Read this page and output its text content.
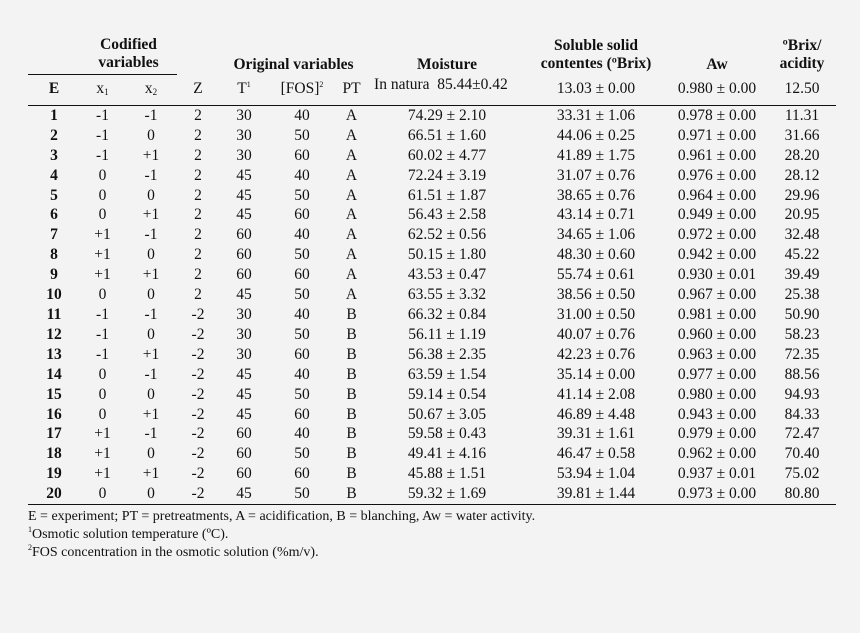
	Codified variables			Original variables			Moisture	Soluble solid contentes (ºBrix)	Aw	ºBrix/ acidity
E	$x_1$	$x_2$	Z	$T^1$	[FOS]$^2$	PT	In natura 85.44±0.42	13.03 ± 0.00	0.980 ± 0.00	12.50
1	-1	-1	2	30	40	A	74.29 ± 2.10	33.31 ± 1.06	0.978 ± 0.00	11.31
2	-1	0	2	30	50	A	66.51 ± 1.60	44.06 ± 0.25	0.971 ± 0.00	31.66
3	-1	+1	2	30	60	A	60.02 ± 4.77	41.89 ± 1.75	0.961 ± 0.00	28.20
4	0	-1	2	45	40	A	72.24 ± 3.19	31.07 ± 0.76	0.976 ± 0.00	28.12
5	0	0	2	45	50	A	61.51 ± 1.87	38.65 ± 0.76	0.964 ± 0.00	29.96
6	0	+1	2	45	60	A	56.43 ± 2.58	43.14 ± 0.71	0.949 ± 0.00	20.95
7	+1	-1	2	60	40	A	62.52 ± 0.56	34.65 ± 1.06	0.972 ± 0.00	32.48
8	+1	0	2	60	50	A	50.15 ± 1.80	48.30 ± 0.60	0.942 ± 0.00	45.22
9	+1	+1	2	60	60	A	43.53 ± 0.47	55.74 ± 0.61	0.930 ± 0.01	39.49
10	0	0	2	45	50	A	63.55 ± 3.32	38.56 ± 0.50	0.967 ± 0.00	25.38
11	-1	-1	-2	30	40	B	66.32 ± 0.84	31.00 ± 0.50	0.981 ± 0.00	50.90
12	-1	0	-2	30	50	B	56.11 ± 1.19	40.07 ± 0.76	0.960 ± 0.00	58.23
13	-1	+1	-2	30	60	B	56.38 ± 2.35	42.23 ± 0.76	0.963 ± 0.00	72.35
14	0	-1	-2	45	40	B	63.59 ± 1.54	35.14 ± 0.00	0.977 ± 0.00	88.56
15	0	0	-2	45	50	B	59.14 ± 0.54	41.14 ± 2.08	0.980 ± 0.00	94.93
16	0	+1	-2	45	60	B	50.67 ± 3.05	46.89 ± 4.48	0.943 ± 0.00	84.33
17	+1	-1	-2	60	40	B	59.58 ± 0.43	39.31 ± 1.61	0.979 ± 0.00	72.47
18	+1	0	-2	60	50	B	49.41 ± 4.16	46.47 ± 0.58	0.962 ± 0.00	70.40
19	+1	+1	-2	60	60	B	45.88 ± 1.51	53.94 ± 1.04	0.937 ± 0.01	75.02
20	0	0	-2	45	50	B	59.32 ± 1.69	39.81 ± 1.44	0.973 ± 0.00	80.80
E = experiment; PT = pretreatments, A = acidification, B = blanching, Aw = water activity.
$^1$Osmotic solution temperature (ºC).
$^2$FOS concentration in the osmotic solution (%m/v).
